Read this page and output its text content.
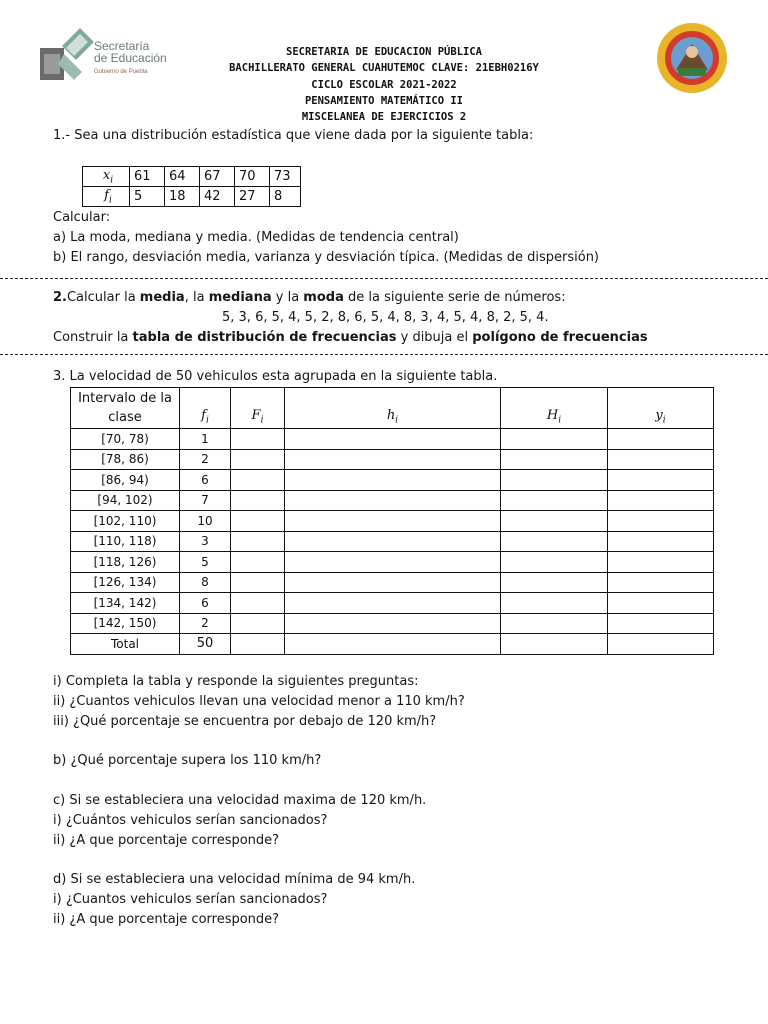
Secretaría
de Educación
Gobierno de Puebla
SECRETARIA DE EDUCACION PÚBLICA
BACHILLERATO GENERAL CUAHUTEMOC CLAVE: 21EBH0216Y
CICLO ESCOLAR 2021-2022
PENSAMIENTO MATEMÁTICO II
MISCELANEA DE EJERCICIOS 2
1.- Sea una distribución estadística que viene dada por la siguiente tabla:
$x_i$	61	64	67	70	73
$f_i$	5	18	42	27	8
Calcular:
a) La moda, mediana y media. (Medidas de tendencia central)
b) El rango, desviación media, varianza y desviación típica. (Medidas de dispersión)
2.Calcular la media, la mediana y la moda de la siguiente serie de números:
5, 3, 6, 5, 4, 5, 2, 8, 6, 5, 4, 8, 3, 4, 5, 4, 8, 2, 5, 4.
Construir la tabla de distribución de frecuencias y dibuja el polígono de frecuencias
3. La velocidad de 50 vehiculos esta agrupada en la siguiente tabla.
Intervalo de la
clase	$f_i$	$F_i$	$h_i$	$H_i$	$y_i$
[70, 78)	1				
[78, 86)	2				
[86, 94)	6				
[94, 102)	7				
[102, 110)	10				
[110, 118)	3				
[118, 126)	5				
[126, 134)	8				
[134, 142)	6				
[142, 150)	2				
Total	50				
i) Completa la tabla y responde la siguientes preguntas:
ii) ¿Cuantos vehiculos llevan una velocidad menor a 110 km/h?
iii) ¿Qué porcentaje se encuentra por debajo de 120 km/h?
b) ¿Qué porcentaje supera los 110 km/h?
c) Si se estableciera una velocidad maxima de 120 km/h.
i) ¿Cuántos vehiculos serían sancionados?
ii) ¿A que porcentaje corresponde?
d) Si se estableciera una velocidad mínima de 94 km/h.
i) ¿Cuantos vehiculos serían sancionados?
ii) ¿A que porcentaje corresponde?
